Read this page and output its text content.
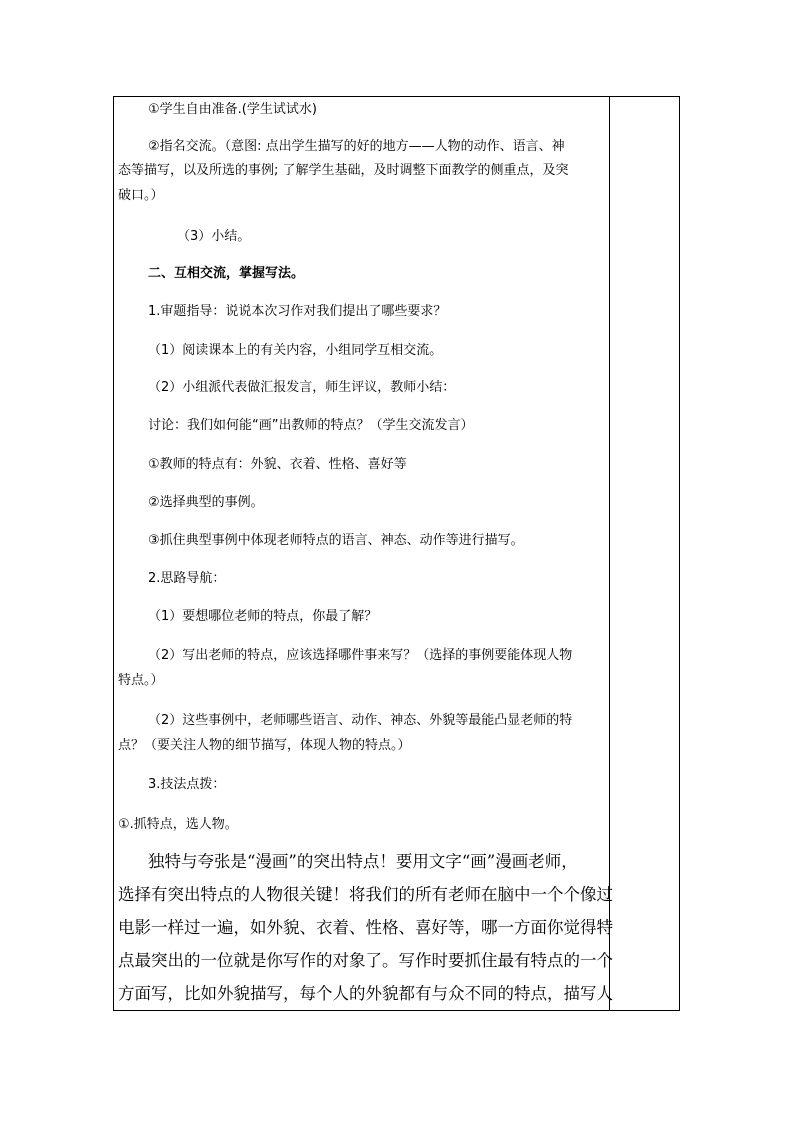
①学生自由准备.(学生试试水)
②指名交流。（意图: 点出学生描写的好的地方——人物的动作、语言、神
态等描写，以及所选的事例; 了解学生基础，及时调整下面教学的侧重点，及突
破口。）
（3）小结。
二、互相交流，掌握写法。
1.审题指导：说说本次习作对我们提出了哪些要求？
（1）阅读课本上的有关内容，小组同学互相交流。
（2）小组派代表做汇报发言，师生评议，教师小结：
讨论：我们如何能“画”出教师的特点？（学生交流发言）
①教师的特点有：外貌、衣着、性格、喜好等
②选择典型的事例。
③抓住典型事例中体现老师特点的语言、神态、动作等进行描写。
2.思路导航：
（1）要想哪位老师的特点，你最了解？
（2）写出老师的特点，应该选择哪件事来写？（选择的事例要能体现人物
特点。）
（2）这些事例中，老师哪些语言、动作、神态、外貌等最能凸显老师的特
点？（要关注人物的细节描写，体现人物的特点。）
3.技法点拨：
①.抓特点，选人物。
独特与夸张是“漫画”的突出特点！要用文字“画”漫画老师，
选择有突出特点的人物很关键！将我们的所有老师在脑中一个个像过
电影一样过一遍，如外貌、衣着、性格、喜好等，哪一方面你觉得特
点最突出的一位就是你写作的对象了。写作时要抓住最有特点的一个
方面写，比如外貌描写，每个人的外貌都有与众不同的特点，描写人
